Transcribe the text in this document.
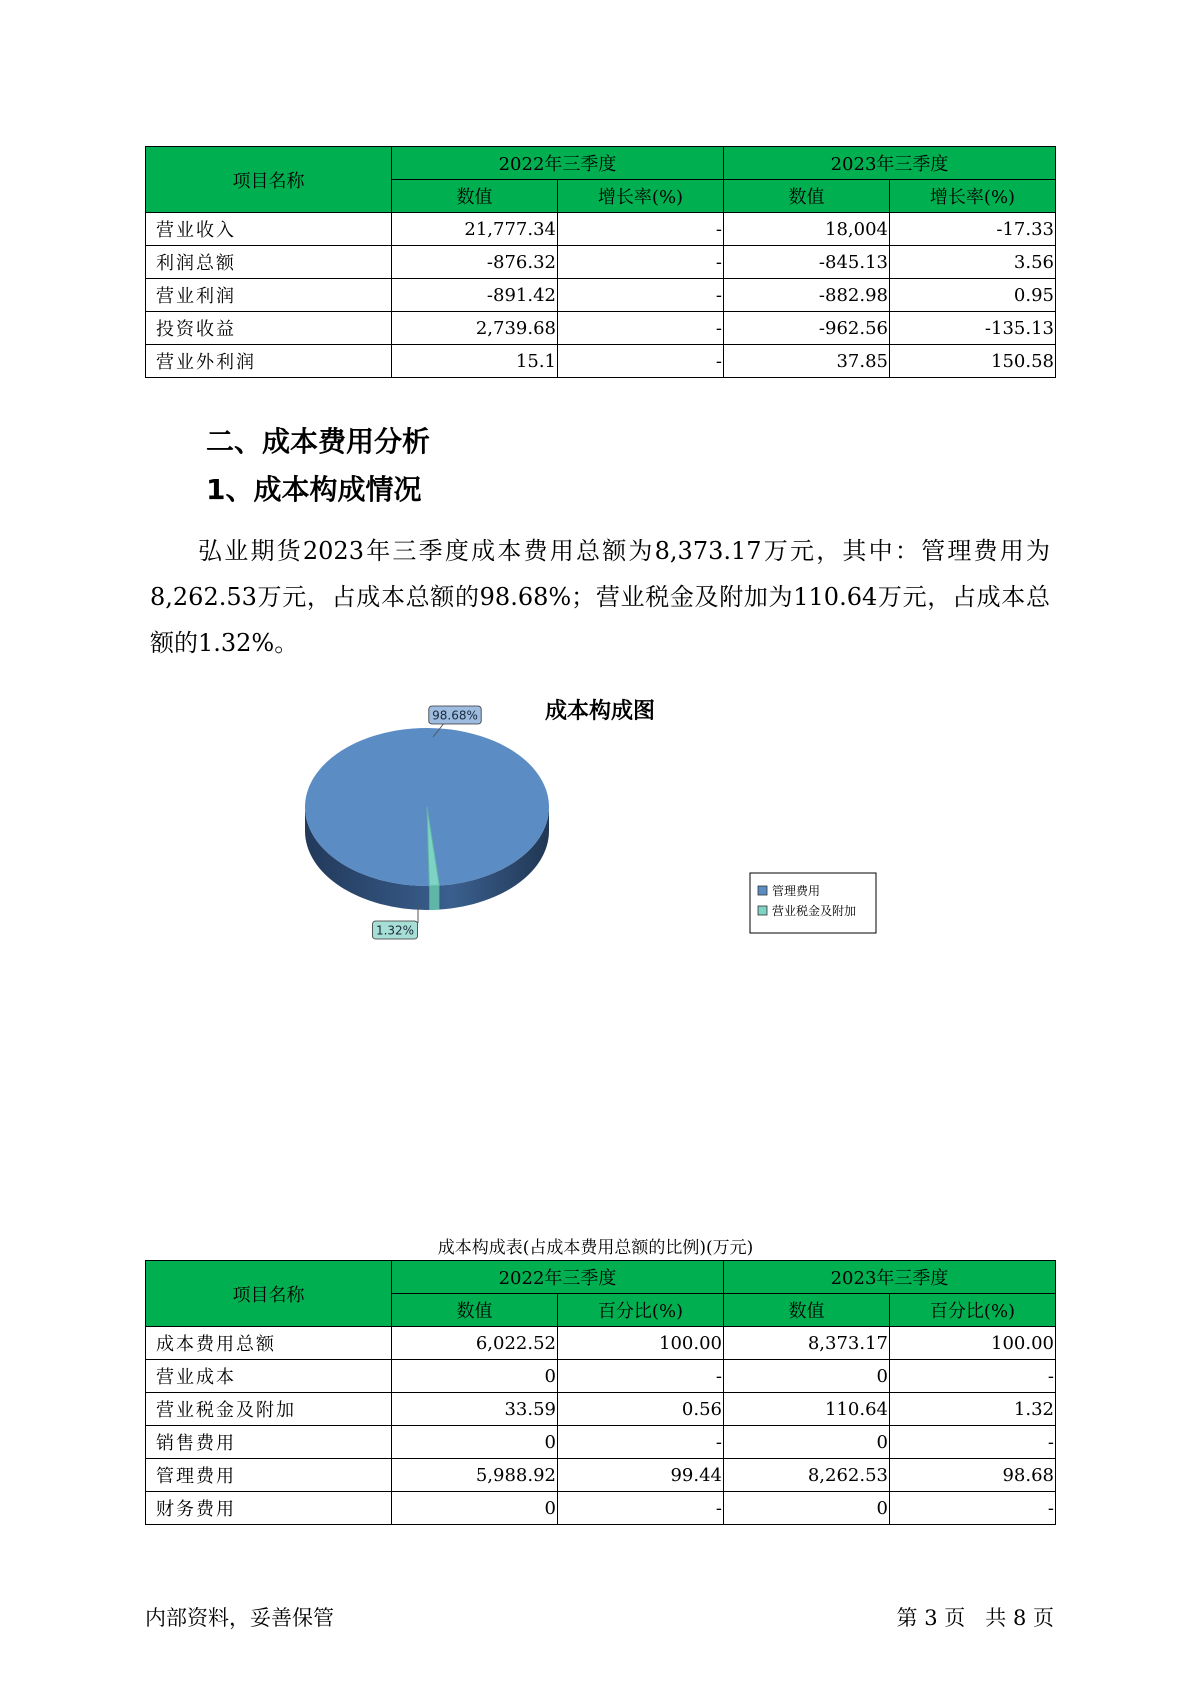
项目名称	2022年三季度		2023年三季度	
	数值	增长率(%)	数值	增长率(%)
营业收入	21,777.34	-	18,004	-17.33
利润总额	-876.32	-	-845.13	3.56
营业利润	-891.42	-	-882.98	0.95
投资收益	2,739.68	-	-962.56	-135.13
营业外利润	15.1	-	37.85	150.58
二、成本费用分析
1、成本构成情况
弘业期货2023年三季度成本费用总额为8,373.17万元，其中：管理费用为8,262.53万元，占成本总额的98.68%；营业税金及附加为110.64万元，占成本总额的1.32%。
成本构成图
98.68%
1.32%
管理费用
营业税金及附加
成本构成表(占成本费用总额的比例)(万元)
项目名称	2022年三季度		2023年三季度	
	数值	百分比(%)	数值	百分比(%)
成本费用总额	6,022.52	100.00	8,373.17	100.00
营业成本	0	-	0	-
营业税金及附加	33.59	0.56	110.64	1.32
销售费用	0	-	0	-
管理费用	5,988.92	99.44	8,262.53	98.68
财务费用	0	-	0	-
内部资料，妥善保管	第 3 页   共 8 页
